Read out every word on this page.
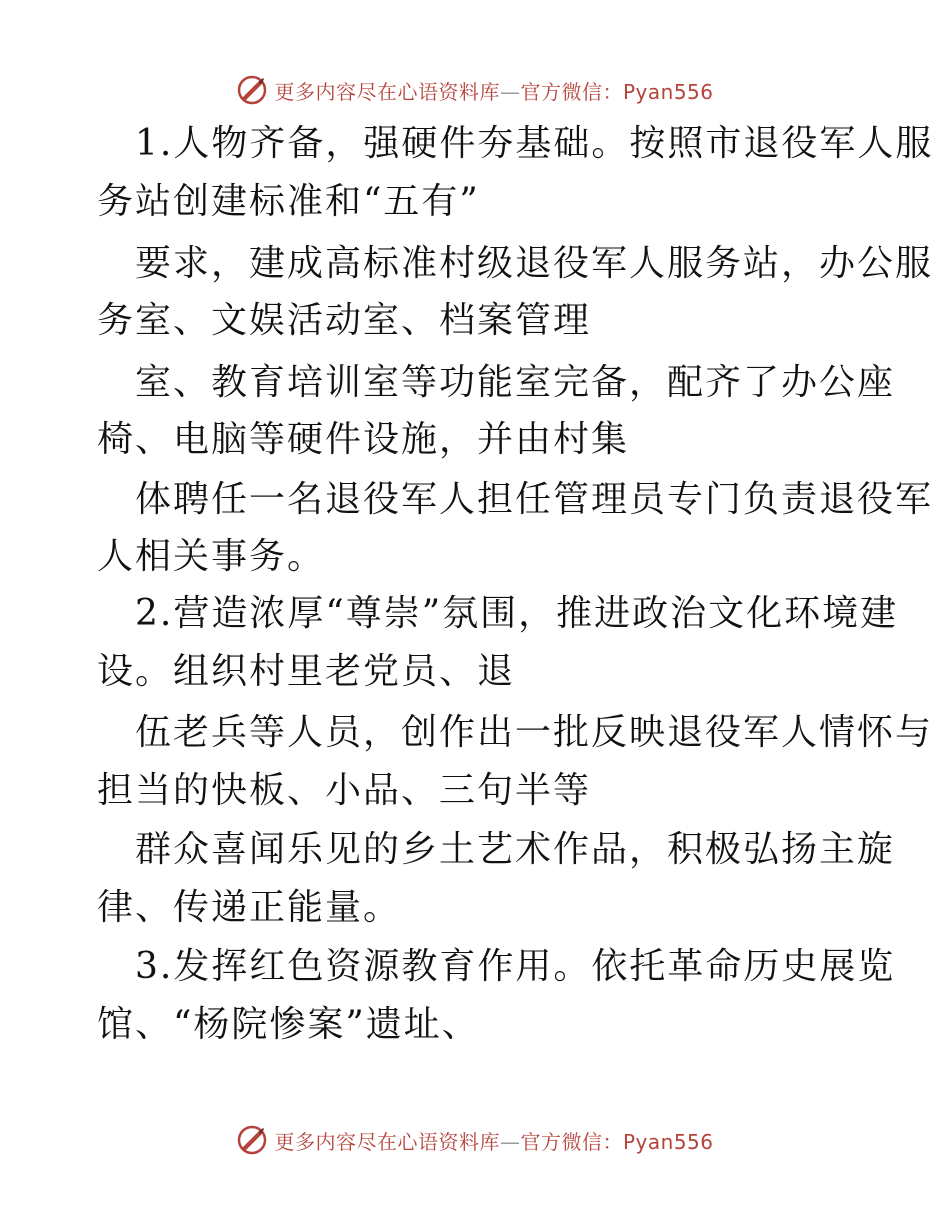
更多内容尽在心语资料库—官方微信：Pyan556
1.人物齐备，强硬件夯基础。按照市退役军人服
务站创建标准和“五有”
要求，建成高标准村级退役军人服务站，办公服
务室、文娱活动室、档案管理
室、教育培训室等功能室完备，配齐了办公座
椅、电脑等硬件设施，并由村集
体聘任一名退役军人担任管理员专门负责退役军
人相关事务。
2.营造浓厚“尊崇”氛围，推进政治文化环境建
设。组织村里老党员、退
伍老兵等人员，创作出一批反映退役军人情怀与
担当的快板、小品、三句半等
群众喜闻乐见的乡土艺术作品，积极弘扬主旋
律、传递正能量。
3.发挥红色资源教育作用。依托革命历史展览
馆、“杨院惨案”遗址、
更多内容尽在心语资料库—官方微信：Pyan556
